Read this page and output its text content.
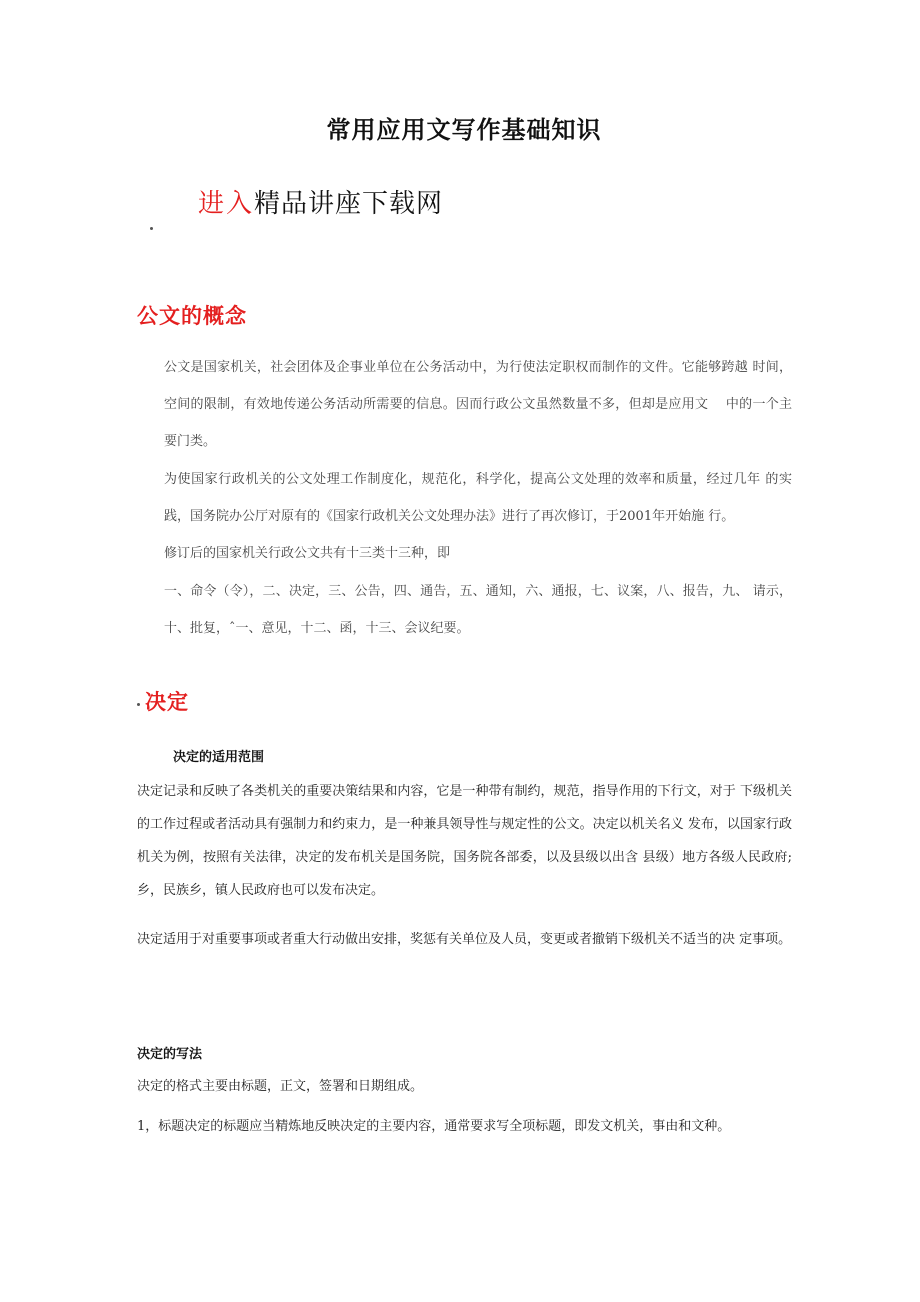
常用应用文写作基础知识
进入精品讲座下载网
公文的概念

公文是国家机关，社会团体及企事业单位在公务活动中，为行使法定职权而制作的文件。它能够跨越 时间，空间的限制，有效地传递公务活动所需要的信息。因而行政公文虽然数量不多，但却是应用文　 中的一个主要门类。

为使国家行政机关的公文处理工作制度化，规范化，科学化，提高公文处理的效率和质量，经过几年 的实践，国务院办公厅对原有的《国家行政机关公文处理办法》进行了再次修订，于2001年开始施 行。

修订后的国家机关行政公文共有十三类十三种，即

一、命令（令），二、决定，三、公告，四、通告，五、通知，六、通报，七、议案，八、报告，九、 请示，十、批复，ˆ一、意见，十二、函，十三、会议纪要。

决定
决定的适用范围

决定记录和反映了各类机关的重要决策结果和内容，它是一种带有制约，规范，指导作用的下行文，对于 下级机关的工作过程或者活动具有强制力和约束力，是一种兼具领导性与规定性的公文。决定以机关名义 发布，以国家行政机关为例，按照有关法律，决定的发布机关是国务院，国务院各部委，以及县级以出含 县级）地方各级人民政府;乡，民族乡，镇人民政府也可以发布决定。

决定适用于对重要事项或者重大行动做出安排，奖惩有关单位及人员，变更或者撤销下级机关不适当的决 定事项。

决定的写法

决定的格式主要由标题，正文，签署和日期组成。

1，标题决定的标题应当精炼地反映决定的主要内容，通常要求写全项标题，即发文机关，事由和文种。
